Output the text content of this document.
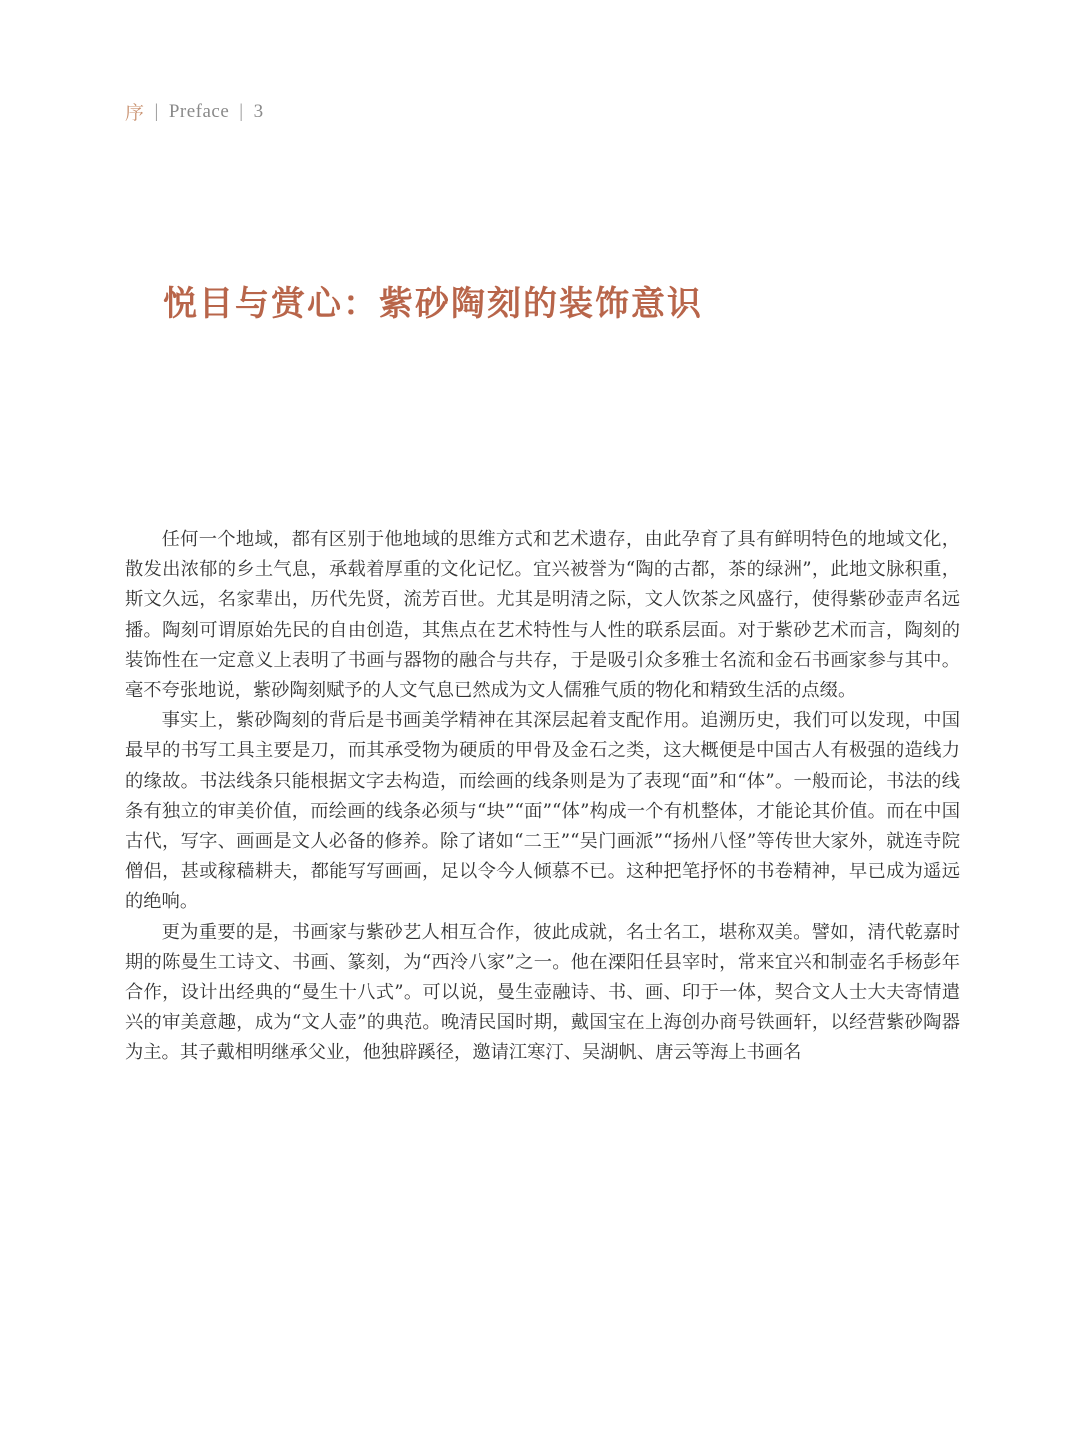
序 | Preface | 3
悦目与赏心：紫砂陶刻的装饰意识

任何一个地域，都有区别于他地域的思维方式和艺术遗存，由此孕育了具有鲜明特色的地域文化，散发出浓郁的乡土气息，承载着厚重的文化记忆。宜兴被誉为“陶的古都，茶的绿洲”，此地文脉积重，斯文久远，名家辈出，历代先贤，流芳百世。尤其是明清之际，文人饮茶之风盛行，使得紫砂壶声名远播。陶刻可谓原始先民的自由创造，其焦点在艺术特性与人性的联系层面。对于紫砂艺术而言，陶刻的装饰性在一定意义上表明了书画与器物的融合与共存，于是吸引众多雅士名流和金石书画家参与其中。毫不夸张地说，紫砂陶刻赋予的人文气息已然成为文人儒雅气质的物化和精致生活的点缀。

事实上，紫砂陶刻的背后是书画美学精神在其深层起着支配作用。追溯历史，我们可以发现，中国最早的书写工具主要是刀，而其承受物为硬质的甲骨及金石之类，这大概便是中国古人有极强的造线力的缘故。书法线条只能根据文字去构造，而绘画的线条则是为了表现“面”和“体”。一般而论，书法的线条有独立的审美价值，而绘画的线条必须与“块”“面”“体”构成一个有机整体，才能论其价值。而在中国古代，写字、画画是文人必备的修养。除了诸如“二王”“吴门画派”“扬州八怪”等传世大家外，就连寺院僧侣，甚或稼穑耕夫，都能写写画画，足以令今人倾慕不已。这种把笔抒怀的书卷精神，早已成为遥远的绝响。

更为重要的是，书画家与紫砂艺人相互合作，彼此成就，名士名工，堪称双美。譬如，清代乾嘉时期的陈曼生工诗文、书画、篆刻，为“西泠八家”之一。他在溧阳任县宰时，常来宜兴和制壶名手杨彭年合作，设计出经典的“曼生十八式”。可以说，曼生壶融诗、书、画、印于一体，契合文人士大夫寄情遣兴的审美意趣，成为“文人壶”的典范。晚清民国时期，戴国宝在上海创办商号铁画轩，以经营紫砂陶器为主。其子戴相明继承父业，他独辟蹊径，邀请江寒汀、吴湖帆、唐云等海上书画名
